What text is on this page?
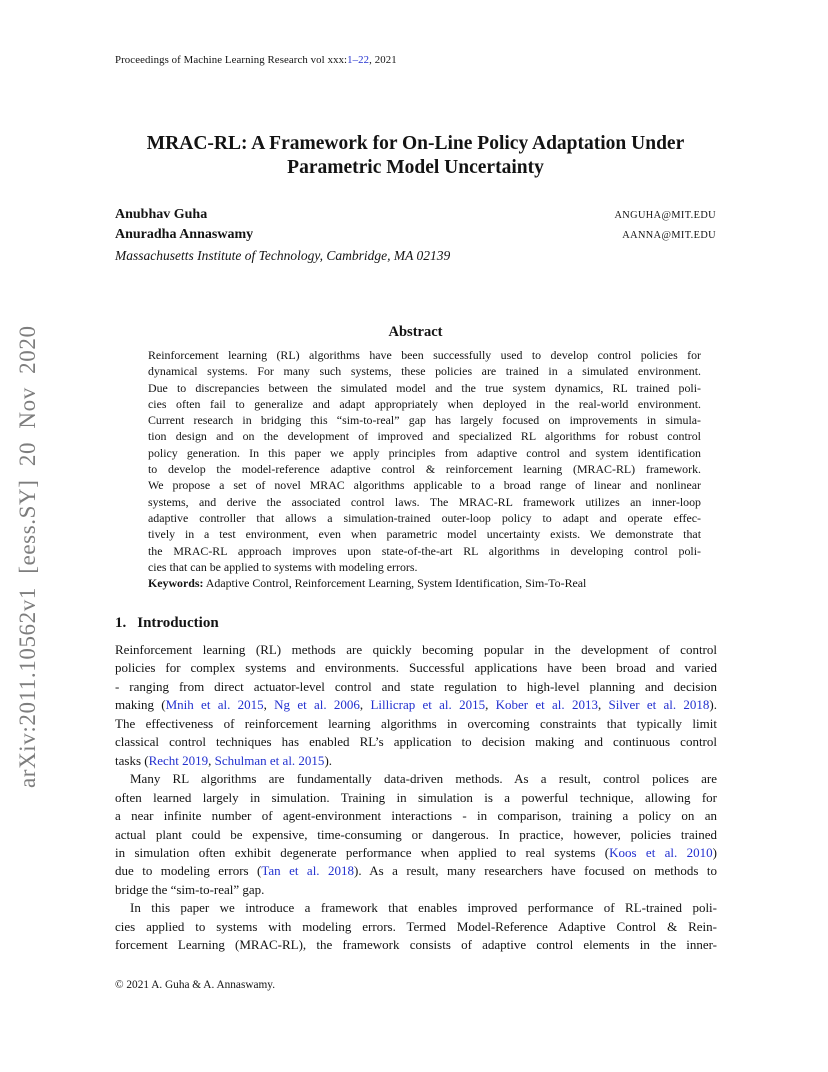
arXiv:2011.10562v1 [eess.SY] 20 Nov 2020
Proceedings of Machine Learning Research vol xxx:1–22, 2021
MRAC-RL: A Framework for On-Line Policy Adaptation Under
Parametric Model Uncertainty
Anubhav Guha	ANGUHA@MIT.EDU
Anuradha Annaswamy	AANNA@MIT.EDU
Massachusetts Institute of Technology, Cambridge, MA 02139
Abstract
Reinforcement learning (RL) algorithms have been successfully used to develop control policies for
dynamical systems. For many such systems, these policies are trained in a simulated environment.
Due to discrepancies between the simulated model and the true system dynamics, RL trained poli-
cies often fail to generalize and adapt appropriately when deployed in the real-world environment.
Current research in bridging this “sim-to-real” gap has largely focused on improvements in simula-
tion design and on the development of improved and specialized RL algorithms for robust control
policy generation. In this paper we apply principles from adaptive control and system identification
to develop the model-reference adaptive control & reinforcement learning (MRAC-RL) framework.
We propose a set of novel MRAC algorithms applicable to a broad range of linear and nonlinear
systems, and derive the associated control laws. The MRAC-RL framework utilizes an inner-loop
adaptive controller that allows a simulation-trained outer-loop policy to adapt and operate effec-
tively in a test environment, even when parametric model uncertainty exists. We demonstrate that
the MRAC-RL approach improves upon state-of-the-art RL algorithms in developing control poli-
cies that can be applied to systems with modeling errors.
Keywords: Adaptive Control, Reinforcement Learning, System Identification, Sim-To-Real
1. Introduction
Reinforcement learning (RL) methods are quickly becoming popular in the development of control
policies for complex systems and environments. Successful applications have been broad and varied
- ranging from direct actuator-level control and state regulation to high-level planning and decision
making (Mnih et al. 2015, Ng et al. 2006, Lillicrap et al. 2015, Kober et al. 2013, Silver et al. 2018).
The effectiveness of reinforcement learning algorithms in overcoming constraints that typically limit
classical control techniques has enabled RL’s application to decision making and continuous control
tasks (Recht 2019, Schulman et al. 2015).
Many RL algorithms are fundamentally data-driven methods. As a result, control polices are
often learned largely in simulation. Training in simulation is a powerful technique, allowing for
a near infinite number of agent-environment interactions - in comparison, training a policy on an
actual plant could be expensive, time-consuming or dangerous. In practice, however, policies trained
in simulation often exhibit degenerate performance when applied to real systems (Koos et al. 2010)
due to modeling errors (Tan et al. 2018). As a result, many researchers have focused on methods to
bridge the “sim-to-real” gap.
In this paper we introduce a framework that enables improved performance of RL-trained poli-
cies applied to systems with modeling errors. Termed Model-Reference Adaptive Control & Rein-
forcement Learning (MRAC-RL), the framework consists of adaptive control elements in the inner-
© 2021 A. Guha & A. Annaswamy.
